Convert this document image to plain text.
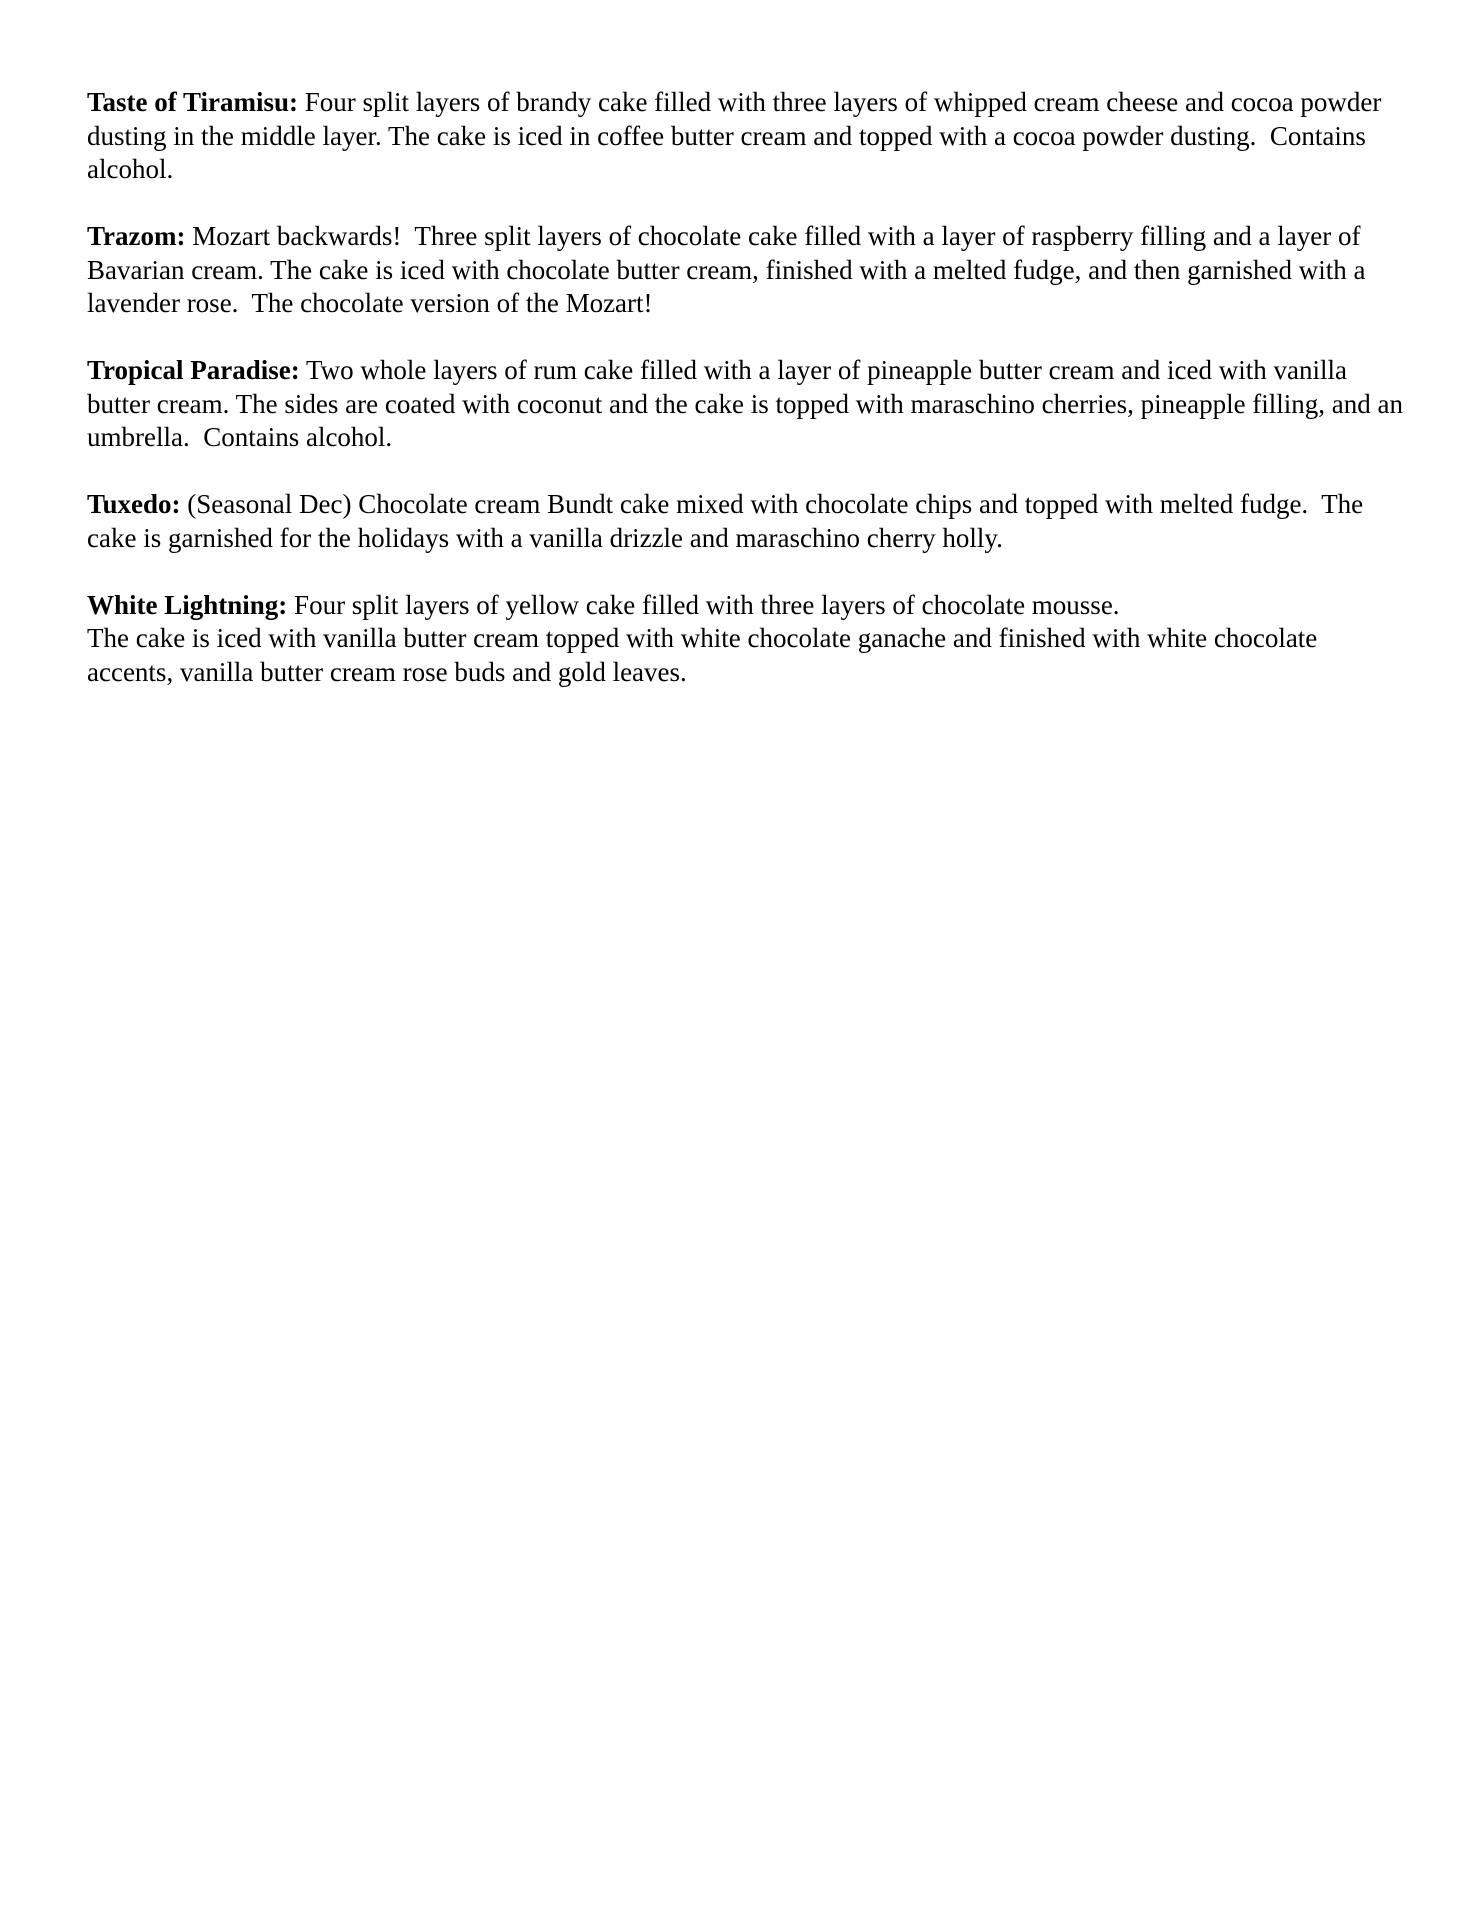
Taste of Tiramisu: Four split layers of brandy cake filled with three layers of whipped cream cheese and cocoa powder dusting in the middle layer. The cake is iced in coffee butter cream and topped with a cocoa powder dusting.  Contains alcohol.

Trazom: Mozart backwards!  Three split layers of chocolate cake filled with a layer of raspberry filling and a layer of Bavarian cream. The cake is iced with chocolate butter cream, finished with a melted fudge, and then garnished with a lavender rose.  The chocolate version of the Mozart!

Tropical Paradise: Two whole layers of rum cake filled with a layer of pineapple butter cream and iced with vanilla butter cream. The sides are coated with coconut and the cake is topped with maraschino cherries, pineapple filling, and an umbrella.  Contains alcohol.

Tuxedo: (Seasonal Dec) Chocolate cream Bundt cake mixed with chocolate chips and topped with melted fudge.  The cake is garnished for the holidays with a vanilla drizzle and maraschino cherry holly.

White Lightning: Four split layers of yellow cake filled with three layers of chocolate mousse.
The cake is iced with vanilla butter cream topped with white chocolate ganache and finished with white chocolate accents, vanilla butter cream rose buds and gold leaves.
